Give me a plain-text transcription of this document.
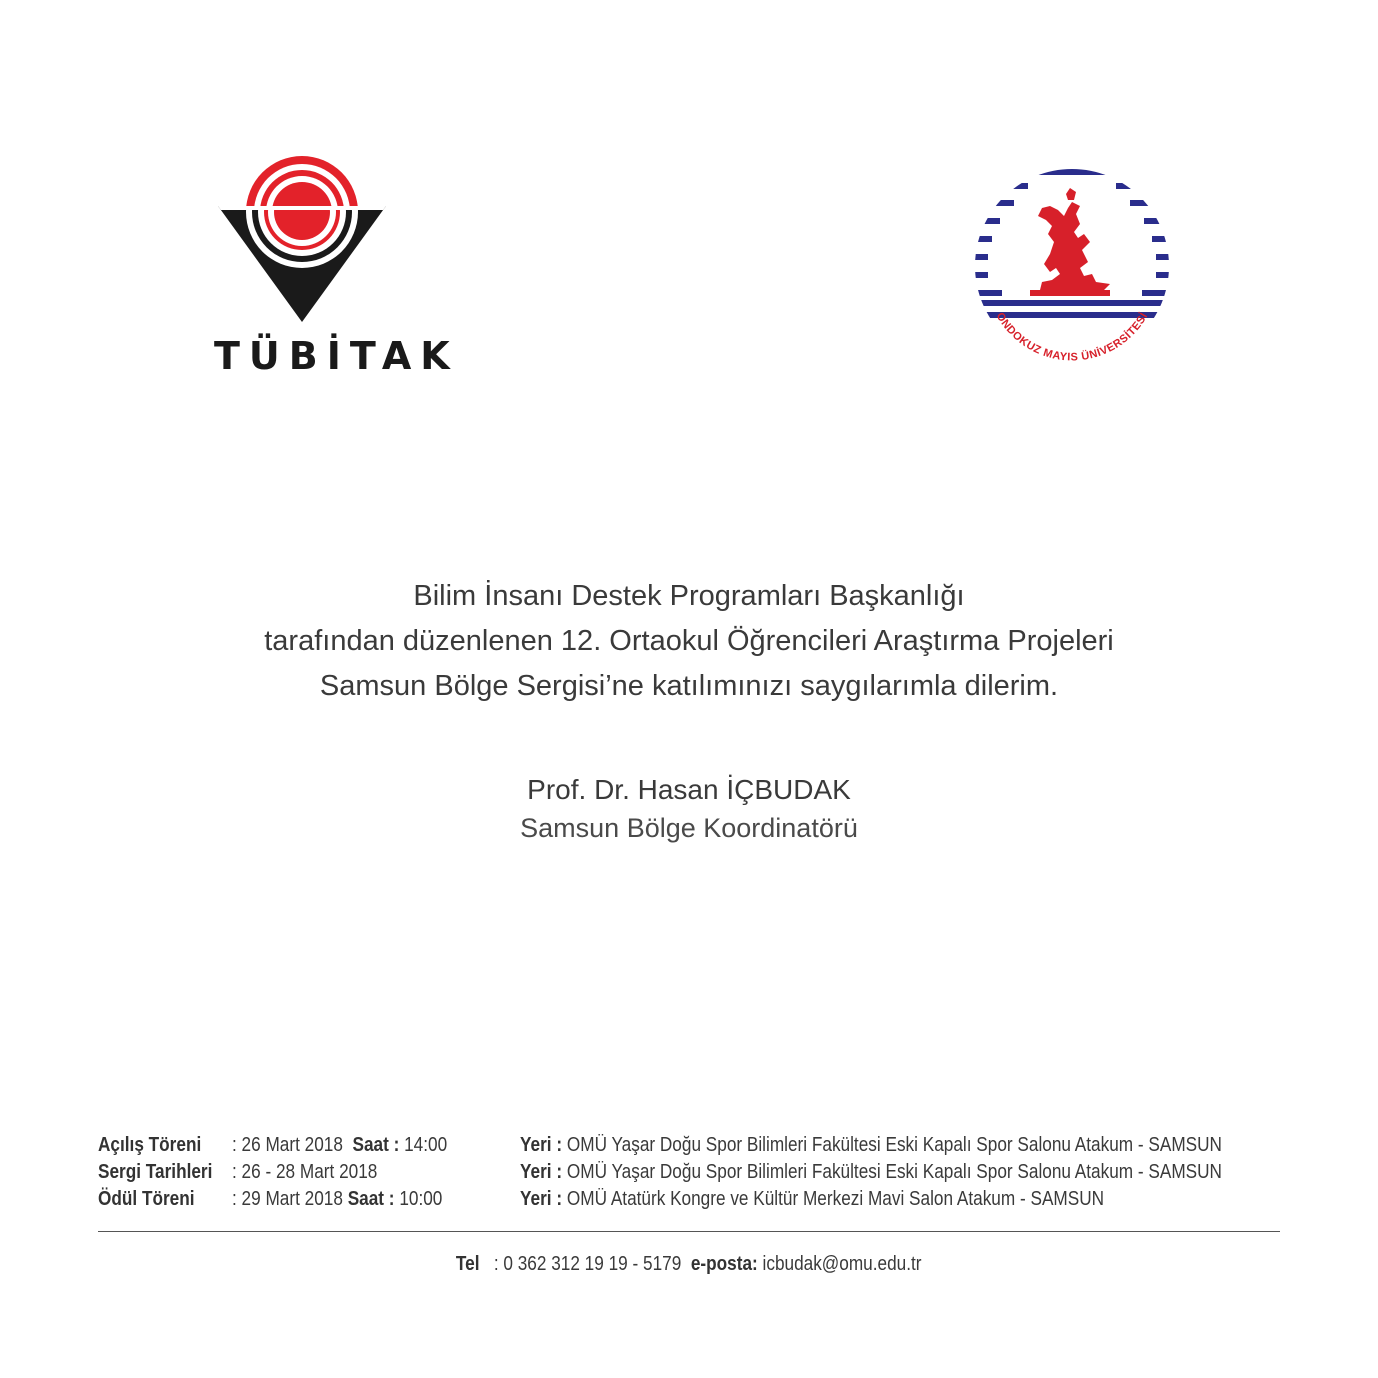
TÜBİTAK
ONDOKUZ MAYIS ÜNİVERSİTESİ
Bilim İnsanı Destek Programları Başkanlığı
tarafından düzenlenen 12. Ortaokul Öğrencileri Araştırma Projeleri
Samsun Bölge Sergisi’ne katılımınızı saygılarımla dilerim.
Prof. Dr. Hasan İÇBUDAK
Samsun Bölge Koordinatörü
Açılış Töreni : 26 Mart 2018 Saat : 14:00	Yeri : OMÜ Yaşar Doğu Spor Bilimleri Fakültesi Eski Kapalı Spor Salonu Atakum - SAMSUN
Sergi Tarihleri : 26 - 28 Mart 2018	Yeri : OMÜ Yaşar Doğu Spor Bilimleri Fakültesi Eski Kapalı Spor Salonu Atakum - SAMSUN
Ödül Töreni : 29 Mart 2018 Saat : 10:00	Yeri : OMÜ Atatürk Kongre ve Kültür Merkezi Mavi Salon Atakum - SAMSUN
Tel : 0 362 312 19 19 - 5179 e-posta: icbudak@omu.edu.tr
